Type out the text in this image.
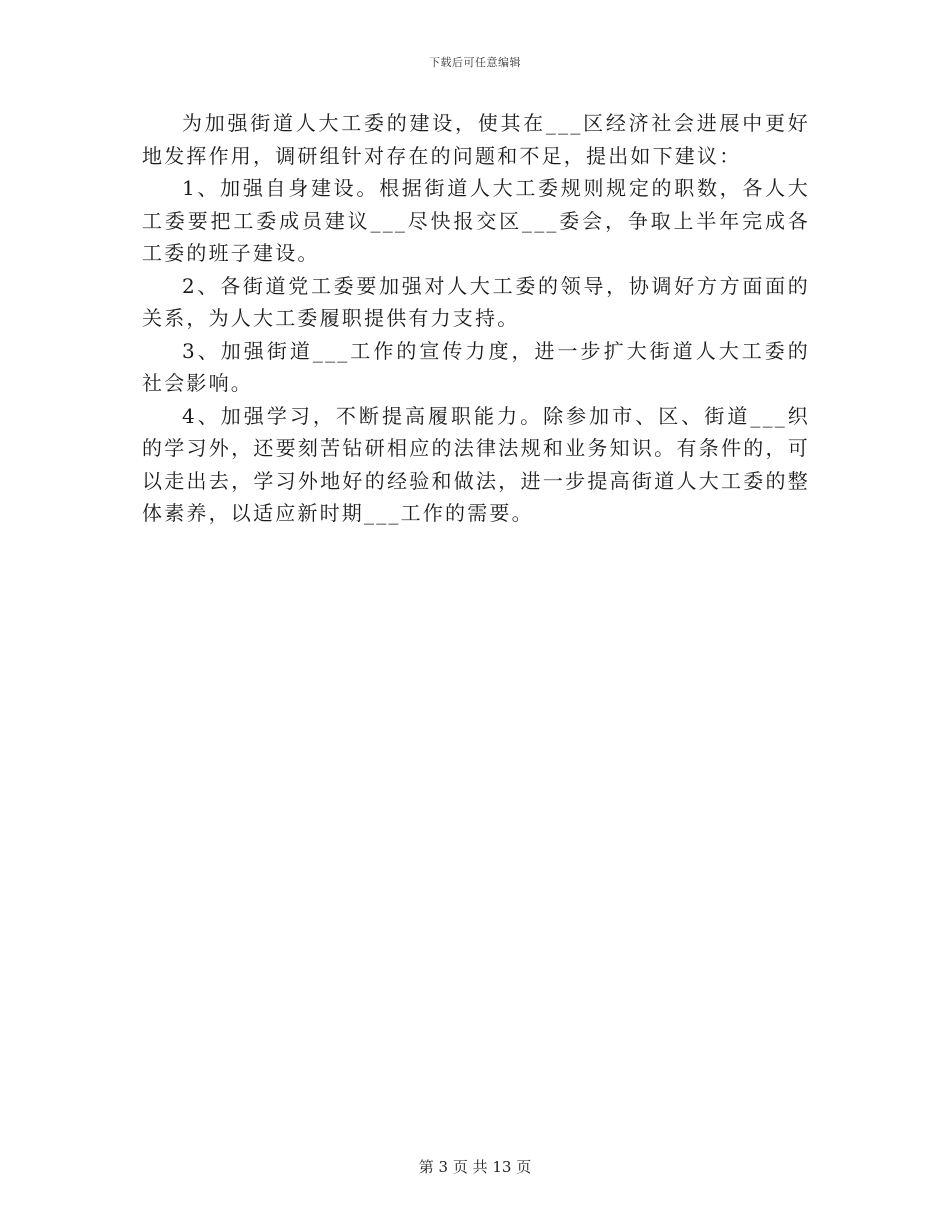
下载后可任意编辑

为加强街道人大工委的建设，使其在___区经济社会进展中更好地发挥作用，调研组针对存在的问题和不足，提出如下建议：

1、加强自身建设。根据街道人大工委规则规定的职数，各人大工委要把工委成员建议___尽快报交区___委会，争取上半年完成各工委的班子建设。

2、各街道党工委要加强对人大工委的领导，协调好方方面面的关系，为人大工委履职提供有力支持。

3、加强街道___工作的宣传力度，进一步扩大街道人大工委的社会影响。

4、加强学习，不断提高履职能力。除参加市、区、街道___织的学习外，还要刻苦钻研相应的法律法规和业务知识。有条件的，可以走出去，学习外地好的经验和做法，进一步提高街道人大工委的整体素养，以适应新时期___工作的需要。

第 3 页 共 13 页
